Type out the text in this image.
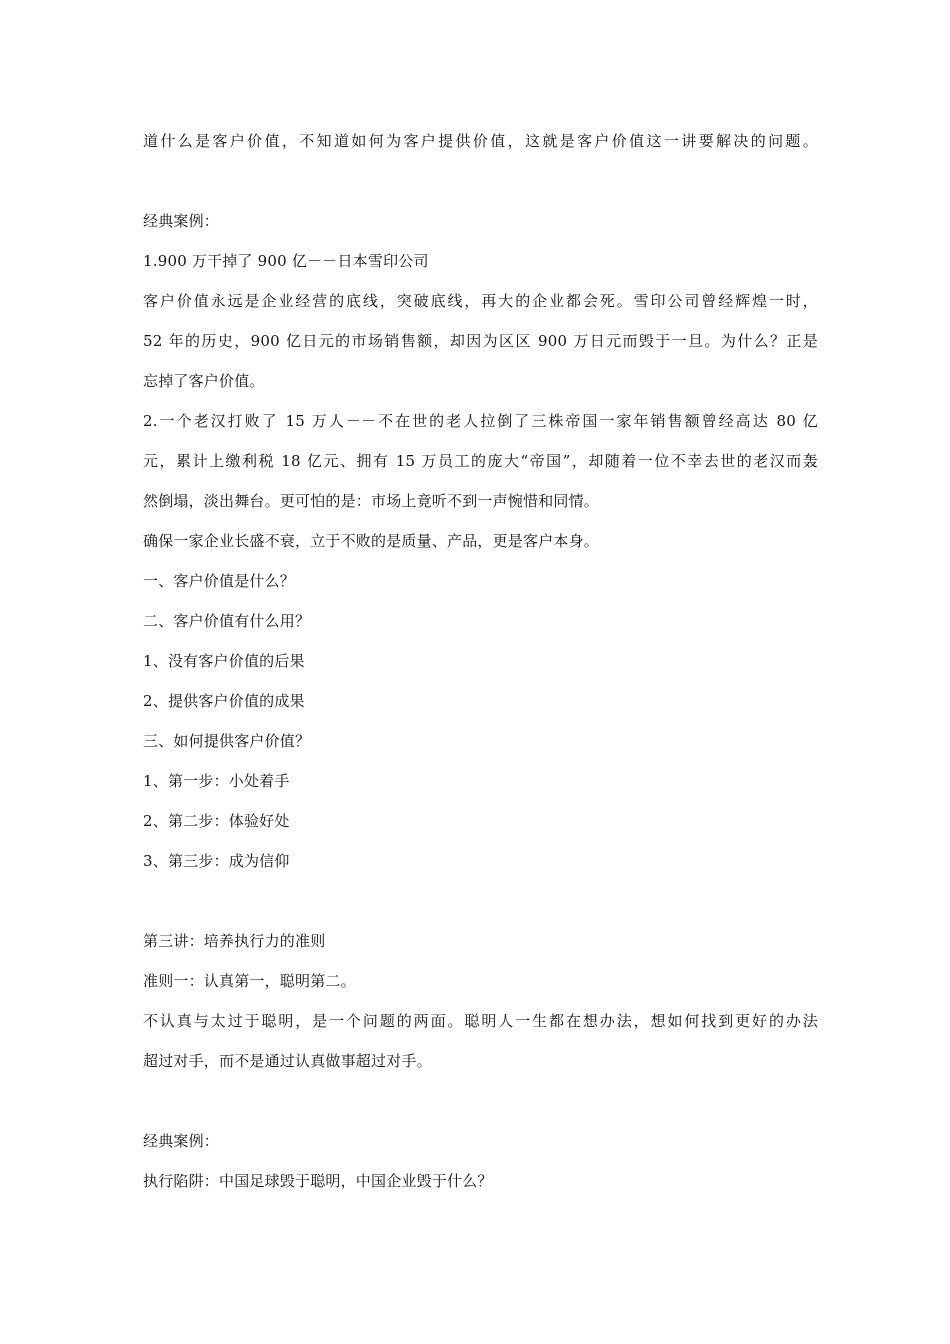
道什么是客户价值，不知道如何为客户提供价值，这就是客户价值这一讲要解决的问题。
经典案例：
1.900 万干掉了 900 亿－－日本雪印公司
客户价值永远是企业经营的底线，突破底线，再大的企业都会死。雪印公司曾经辉煌一时，
52 年的历史，900 亿日元的市场销售额，却因为区区 900 万日元而毁于一旦。为什么？正是
忘掉了客户价值。
2.一个老汉打败了 15 万人－－不在世的老人拉倒了三株帝国一家年销售额曾经高达 80 亿
元，累计上缴利税 18 亿元、拥有 15 万员工的庞大“帝国”，却随着一位不幸去世的老汉而轰
然倒塌，淡出舞台。更可怕的是：市场上竟听不到一声惋惜和同情。
确保一家企业长盛不衰，立于不败的是质量、产品，更是客户本身。
一、客户价值是什么？
二、客户价值有什么用？
1、没有客户价值的后果
2、提供客户价值的成果
三、如何提供客户价值？
1、第一步：小处着手
2、第二步：体验好处
3、第三步：成为信仰
第三讲：培养执行力的准则
准则一：认真第一，聪明第二。
不认真与太过于聪明，是一个问题的两面。聪明人一生都在想办法，想如何找到更好的办法
超过对手，而不是通过认真做事超过对手。
经典案例：
执行陷阱：中国足球毁于聪明，中国企业毁于什么？
